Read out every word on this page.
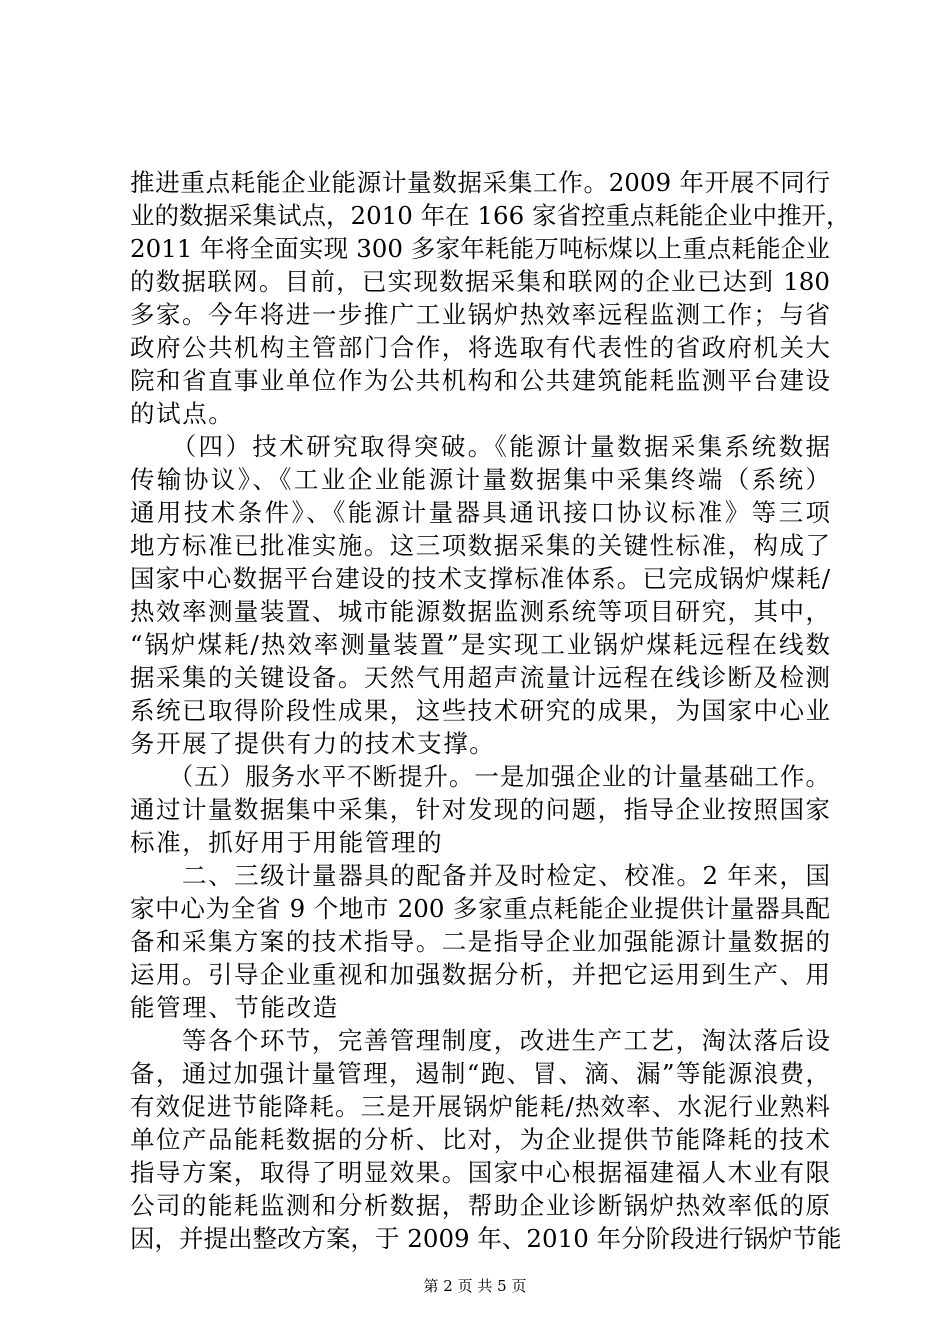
推进重点耗能企业能源计量数据采集工作。2009 年开展不同行
业的数据采集试点，2010 年在 166 家省控重点耗能企业中推开，
2011 年将全面实现 300 多家年耗能万吨标煤以上重点耗能企业
的数据联网。目前，已实现数据采集和联网的企业已达到 180
多家。今年将进一步推广工业锅炉热效率远程监测工作；与省
政府公共机构主管部门合作，将选取有代表性的省政府机关大
院和省直事业单位作为公共机构和公共建筑能耗监测平台建设
的试点。
　　（四）技术研究取得突破。《能源计量数据采集系统数据
传输协议》、《工业企业能源计量数据集中采集终端（系统）
通用技术条件》、《能源计量器具通讯接口协议标准》等三项
地方标准已批准实施。这三项数据采集的关键性标准，构成了
国家中心数据平台建设的技术支撑标准体系。已完成锅炉煤耗/
热效率测量装置、城市能源数据监测系统等项目研究，其中，
“锅炉煤耗/热效率测量装置”是实现工业锅炉煤耗远程在线数
据采集的关键设备。天然气用超声流量计远程在线诊断及检测
系统已取得阶段性成果，这些技术研究的成果，为国家中心业
务开展了提供有力的技术支撑。
　　（五）服务水平不断提升。一是加强企业的计量基础工作。
通过计量数据集中采集，针对发现的问题，指导企业按照国家
标准，抓好用于用能管理的
　　二、三级计量器具的配备并及时检定、校准。2 年来，国
家中心为全省 9 个地市 200 多家重点耗能企业提供计量器具配
备和采集方案的技术指导。二是指导企业加强能源计量数据的
运用。引导企业重视和加强数据分析，并把它运用到生产、用
能管理、节能改造
　　等各个环节，完善管理制度，改进生产工艺，淘汰落后设
备，通过加强计量管理，遏制“跑、冒、滴、漏”等能源浪费，
有效促进节能降耗。三是开展锅炉能耗/热效率、水泥行业熟料
单位产品能耗数据的分析、比对，为企业提供节能降耗的技术
指导方案，取得了明显效果。国家中心根据福建福人木业有限
公司的能耗监测和分析数据，帮助企业诊断锅炉热效率低的原
因，并提出整改方案，于 2009 年、2010 年分阶段进行锅炉节能
第 2 页 共 5 页
